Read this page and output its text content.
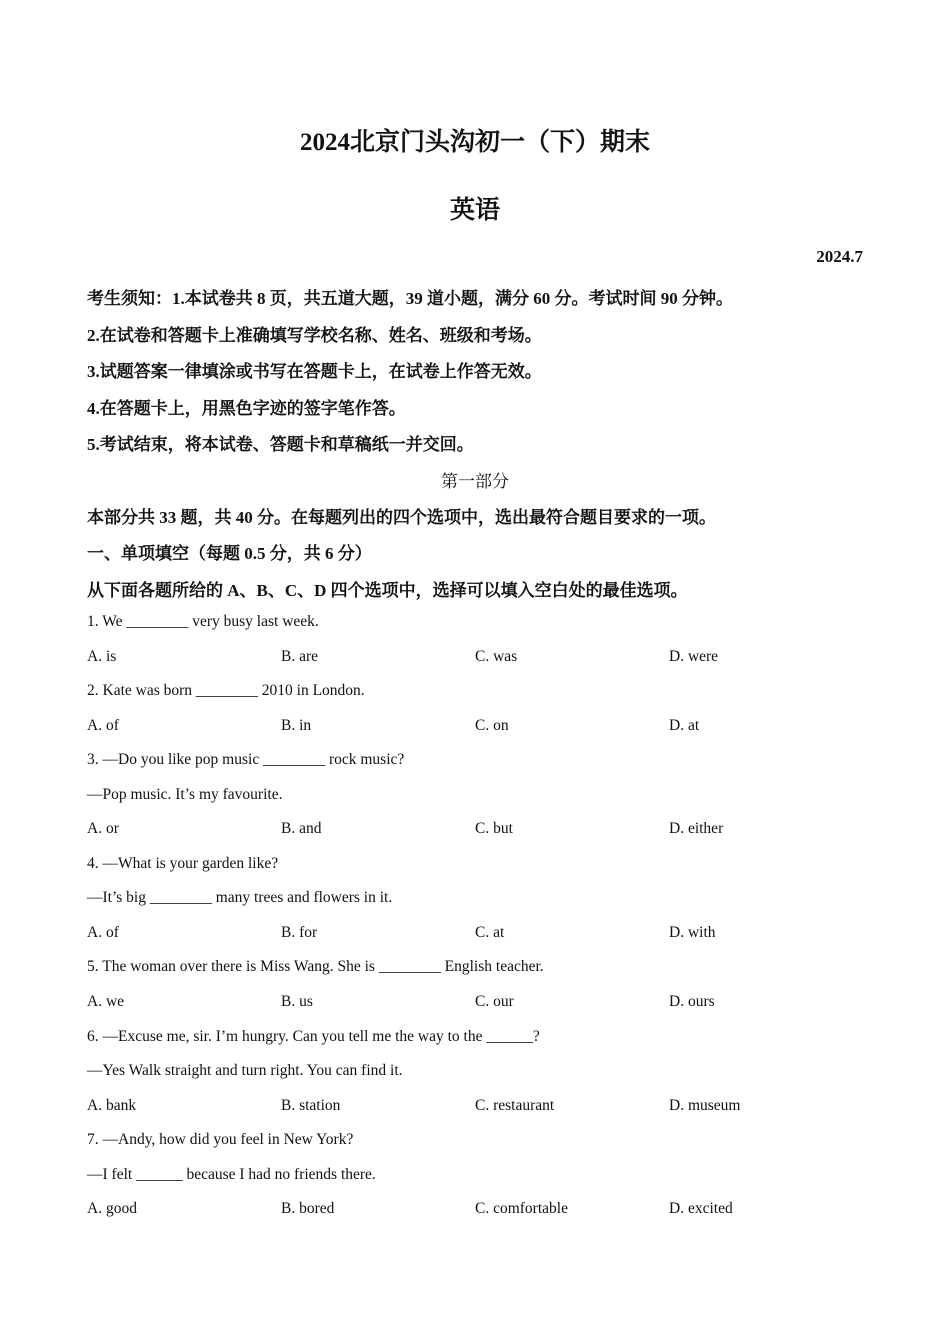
2024北京门头沟初一（下）期末
英语
2024.7
考生须知：1.本试卷共 8 页，共五道大题，39 道小题，满分 60 分。考试时间 90 分钟。
2.在试卷和答题卡上准确填写学校名称、姓名、班级和考场。
3.试题答案一律填涂或书写在答题卡上，在试卷上作答无效。
4.在答题卡上，用黑色字迹的签字笔作答。
5.考试结束，将本试卷、答题卡和草稿纸一并交回。
第一部分
本部分共 33 题，共 40 分。在每题列出的四个选项中，选出最符合题目要求的一项。
一、单项填空（每题 0.5 分，共 6 分）
从下面各题所给的 A、B、C、D 四个选项中，选择可以填入空白处的最佳选项。
1. We ________ very busy last week.
A. is	B. are	C. was	D. were
2. Kate was born ________ 2010 in London.
A. of	B. in	C. on	D. at
3. —Do you like pop music ________ rock music?
—Pop music. It’s my favourite.
A. or	B. and	C. but	D. either
4. —What is your garden like?
—It’s big ________ many trees and flowers in it.
A. of	B. for	C. at	D. with
5. The woman over there is Miss Wang. She is ________ English teacher.
A. we	B. us	C. our	D. ours
6. —Excuse me, sir. I’m hungry. Can you tell me the way to the ______?
—Yes Walk straight and turn right. You can find it.
A. bank	B. station	C. restaurant	D. museum
7. —Andy, how did you feel in New York?
—I felt ______ because I had no friends there.
A. good	B. bored	C. comfortable	D. excited
